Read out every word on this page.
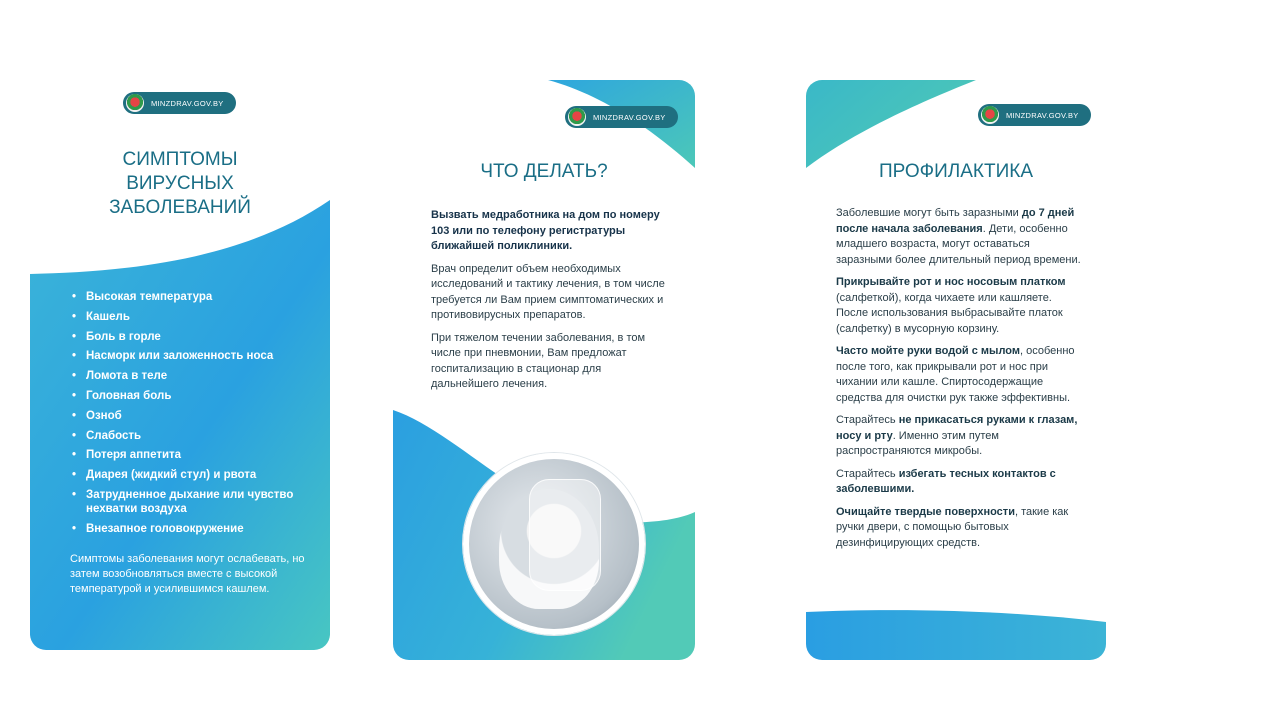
MINZDRAV.GOV.BY
СИМПТОМЫ
ВИРУСНЫХ
ЗАБОЛЕВАНИЙ
• Высокая температура
• Кашель
• Боль в горле
• Насморк или заложенность носа
• Ломота в теле
• Головная боль
• Озноб
• Слабость
• Потеря аппетита
• Диарея (жидкий стул) и рвота
• Затрудненное дыхание или чувство нехватки воздуха
• Внезапное головокружение

Симптомы заболевания могут ослабевать, но затем возобновляться вместе с высокой температурой и усилившимся кашлем.

MINZDRAV.GOV.BY
ЧТО ДЕЛАТЬ?

Вызвать медработника на дом по номеру 103 или по телефону регистратуры ближайшей поликлиники.

Врач определит объем необходимых исследований и тактику лечения, в том числе требуется ли Вам прием симптоматических и противовирусных препаратов.

При тяжелом течении заболевания, в том числе при пневмонии, Вам предложат госпитализацию в стационар для дальнейшего лечения.

MINZDRAV.GOV.BY
ПРОФИЛАКТИКА

Заболевшие могут быть заразными до 7 дней после начала заболевания. Дети, особенно младшего возраста, могут оставаться заразными более длительный период времени.

Прикрывайте рот и нос носовым платком (салфеткой), когда чихаете или кашляете. После использования выбрасывайте платок (салфетку) в мусорную корзину.

Часто мойте руки водой с мылом, особенно после того, как прикрывали рот и нос при чихании или кашле. Спиртосодержащие средства для очистки рук также эффективны.

Старайтесь не прикасаться руками к глазам, носу и рту. Именно этим путем распространяются микробы.

Старайтесь избегать тесных контактов с заболевшими.

Очищайте твердые поверхности, такие как ручки двери, с помощью бытовых дезинфицирующих средств.
